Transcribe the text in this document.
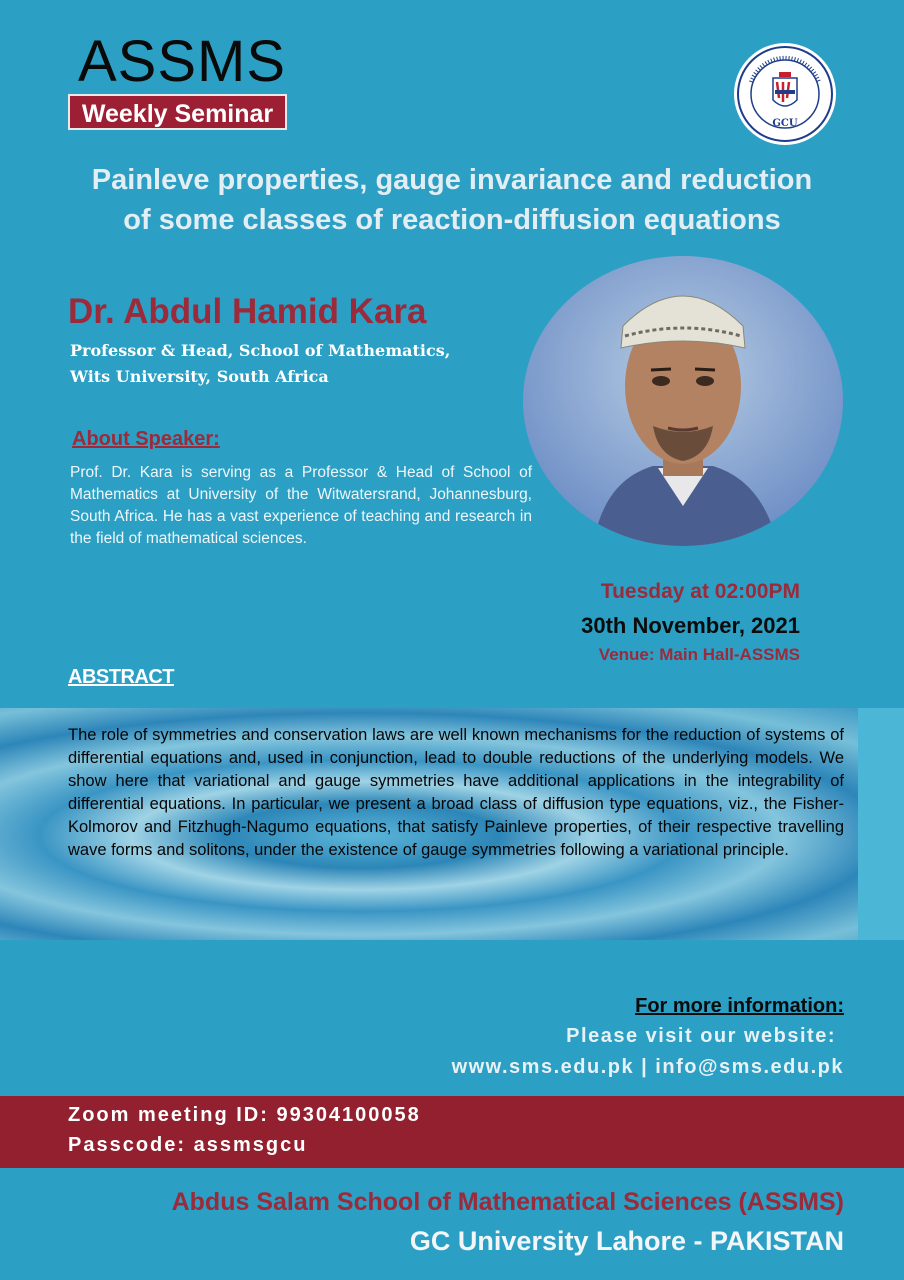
ASSMS
Weekly Seminar	GCU
Painleve properties, gauge invariance and reduction
of some classes of reaction-diffusion equations
Dr. Abdul Hamid Kara
Professor & Head, School of Mathematics,
Wits University, South Africa
About Speaker:
Prof. Dr. Kara is serving as a Professor & Head of School of Mathematics at University of the Witwatersrand, Johannesburg, South Africa. He has a vast experience of teaching and research in the field of mathematical sciences.
Tuesday at 02:00PM
30th November, 2021
Venue: Main Hall-ASSMS
ABSTRACT
The role of symmetries and conservation laws are well known mechanisms for the reduction of systems of differential equations and, used in conjunction, lead to double reductions of the underlying models. We show here that variational and gauge symmetries have additional applications in the integrability of differential equations. In particular, we present a broad class of diffusion type equations, viz., the Fisher-Kolmorov and Fitzhugh-Nagumo equations, that satisfy Painleve properties, of their respective travelling wave forms and solitons, under the existence of gauge symmetries following a variational principle.
For more information:
Please visit our website:
www.sms.edu.pk | info@sms.edu.pk
Zoom meeting ID: 99304100058
Passcode: assmsgcu
Abdus Salam School of Mathematical Sciences (ASSMS)
GC University Lahore - PAKISTAN
